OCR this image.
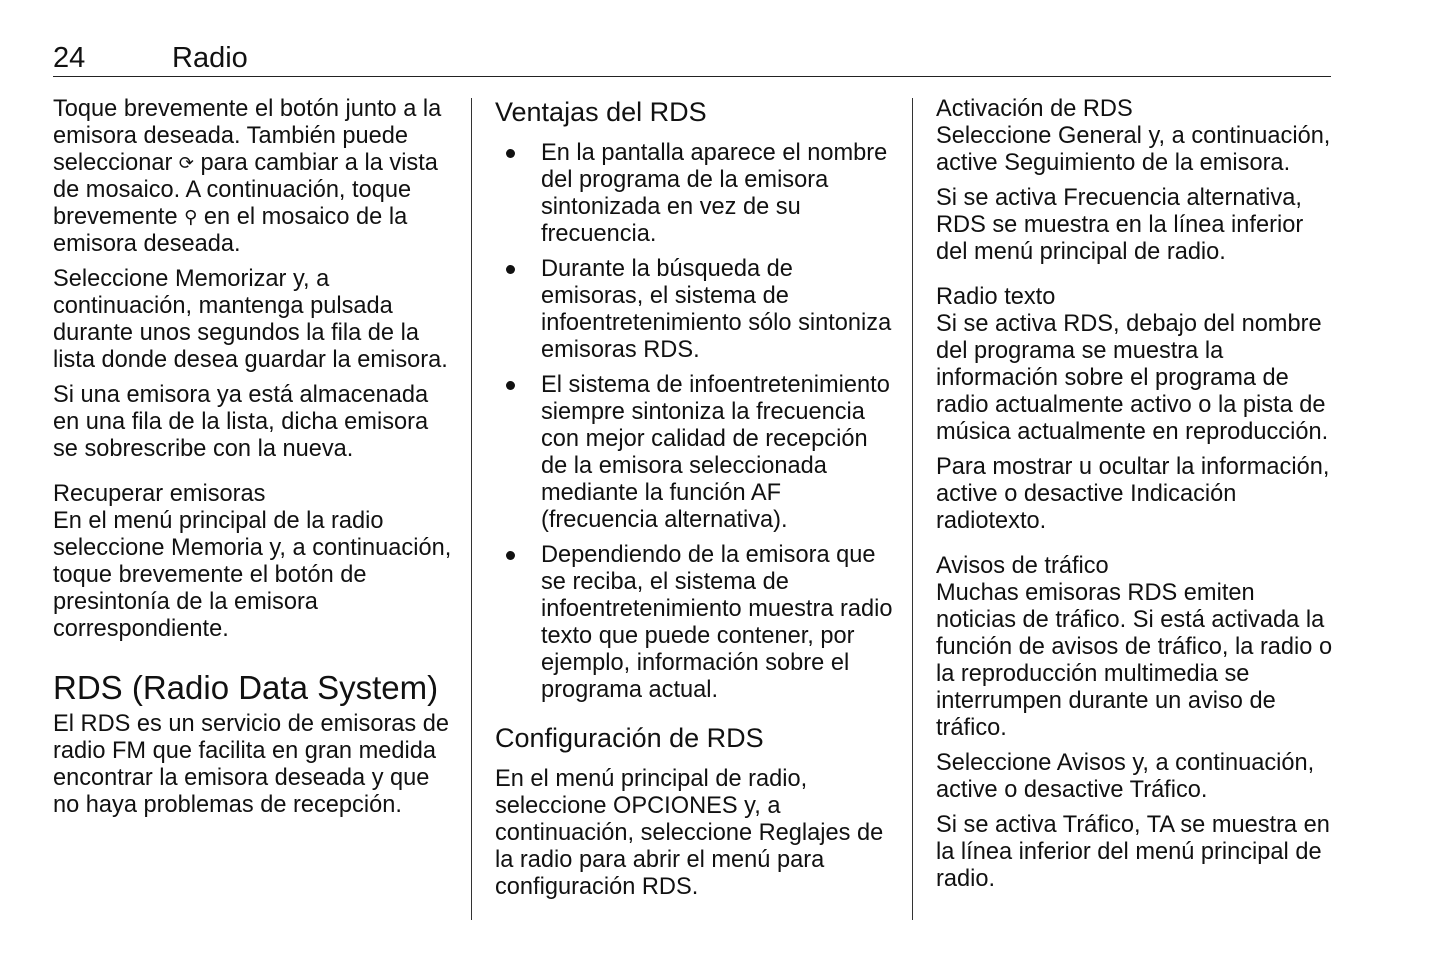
24	Radio

Toque brevemente el botón junto a la emisora deseada. También puede seleccionar ⟳ para cambiar a la vista de mosaico. A continuación, toque brevemente ⚲ en el mosaico de la emisora deseada.

Seleccione Memorizar y, a continuación, mantenga pulsada durante unos segundos la fila de la lista donde desea guardar la emisora.

Si una emisora ya está almacenada en una fila de la lista, dicha emisora se sobrescribe con la nueva.

Recuperar emisoras

En el menú principal de la radio seleccione Memoria y, a continuación, toque brevemente el botón de presintonía de la emisora correspondiente.

RDS (Radio Data System)

El RDS es un servicio de emisoras de radio FM que facilita en gran medida encontrar la emisora deseada y que no haya problemas de recepción.

Ventajas del RDS
En la pantalla aparece el nombre del programa de la emisora sintonizada en vez de su frecuencia.
Durante la búsqueda de emisoras, el sistema de infoentretenimiento sólo sintoniza emisoras RDS.
El sistema de infoentretenimiento siempre sintoniza la frecuencia con mejor calidad de recepción de la emisora seleccionada mediante la función AF (frecuencia alternativa).
Dependiendo de la emisora que se reciba, el sistema de infoentretenimiento muestra radio texto que puede contener, por ejemplo, información sobre el programa actual.
Configuración de RDS

En el menú principal de radio, seleccione OPCIONES y, a continuación, seleccione Reglajes de la radio para abrir el menú para configuración RDS.

Activación de RDS

Seleccione General y, a continuación, active Seguimiento de la emisora.

Si se activa Frecuencia alternativa, RDS se muestra en la línea inferior del menú principal de radio.

Radio texto

Si se activa RDS, debajo del nombre del programa se muestra la información sobre el programa de radio actualmente activo o la pista de música actualmente en reproducción.

Para mostrar u ocultar la información, active o desactive Indicación radiotexto.

Avisos de tráfico

Muchas emisoras RDS emiten noticias de tráfico. Si está activada la función de avisos de tráfico, la radio o la reproducción multimedia se interrumpen durante un aviso de tráfico.

Seleccione Avisos y, a continuación, active o desactive Tráfico.

Si se activa Tráfico, TA se muestra en la línea inferior del menú principal de radio.
